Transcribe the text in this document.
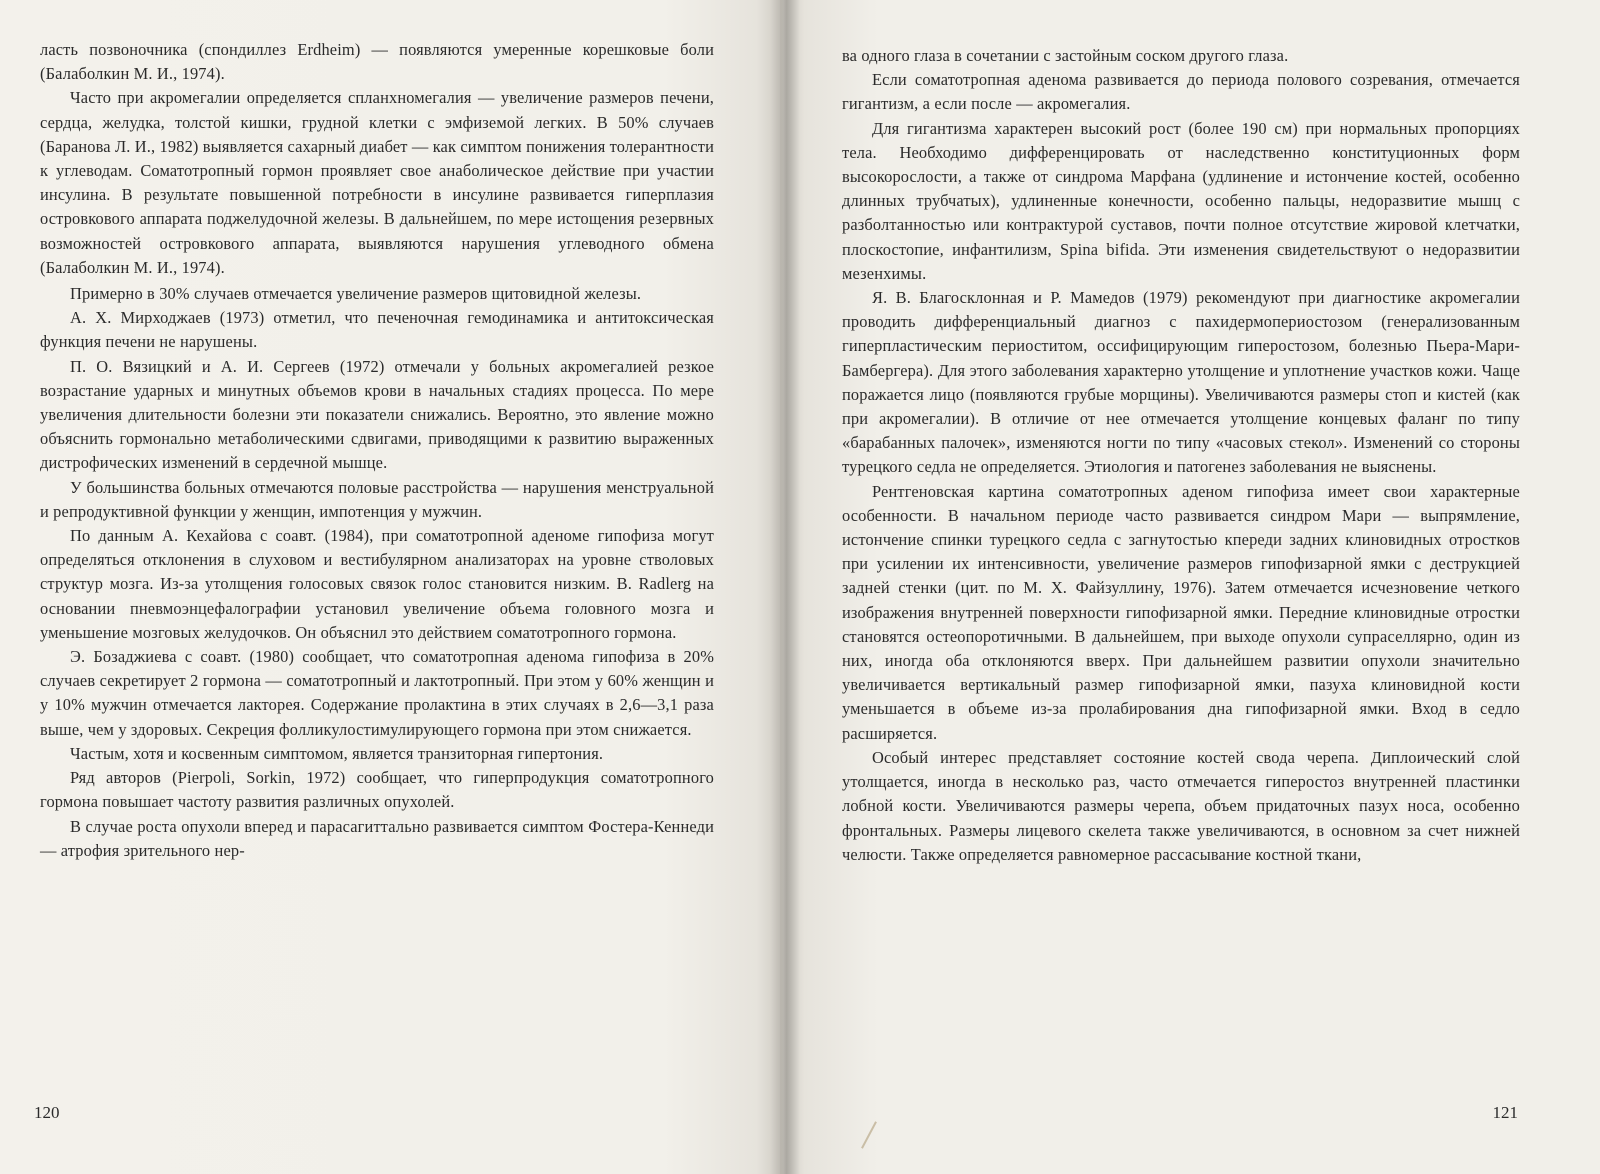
ласть позвоночника (спондиллез Erdheim) — появляются умеренные корешковые боли (Балаболкин М. И., 1974).

Часто при акромегалии определяется спланхномегалия — увеличение размеров печени, сердца, желудка, толстой кишки, грудной клетки с эмфиземой легких. В 50% случаев (Баранова Л. И., 1982) выявляется сахарный диабет — как симптом понижения толерантности к углеводам. Соматотропный гормон проявляет свое анаболическое действие при участии инсулина. В результате повышенной потребности в инсулине развивается гиперплазия островкового аппарата поджелудочной железы. В дальнейшем, по мере истощения резервных возможностей островкового аппарата, выявляются нарушения углеводного обмена (Балаболкин М. И., 1974).

Примерно в 30% случаев отмечается увеличение размеров щитовидной железы.

А. Х. Мирходжаев (1973) отметил, что печеночная гемодинамика и антитоксическая функция печени не нарушены.

П. О. Вязицкий и А. И. Сергеев (1972) отмечали у больных акромегалией резкое возрастание ударных и минутных объемов крови в начальных стадиях процесса. По мере увеличения длительности болезни эти показатели снижались. Вероятно, это явление можно объяснить гормонально метаболическими сдвигами, приводящими к развитию выраженных дистрофических изменений в сердечной мышце.

У большинства больных отмечаются половые расстройства — нарушения менструальной и репродуктивной функции у женщин, импотенция у мужчин.

По данным А. Кехайова с соавт. (1984), при соматотропной аденоме гипофиза могут определяться отклонения в слуховом и вестибулярном анализаторах на уровне стволовых структур мозга. Из-за утолщения голосовых связок голос становится низким. В. Radlerg на основании пневмоэнцефалографии установил увеличение объема головного мозга и уменьшение мозговых желудочков. Он объяснил это действием соматотропного гормона.

Э. Бозаджиева с соавт. (1980) сообщает, что соматотропная аденома гипофиза в 20% случаев секретирует 2 гормона — соматотропный и лактотропный. При этом у 60% женщин и у 10% мужчин отмечается лакторея. Содержание пролактина в этих случаях в 2,6—3,1 раза выше, чем у здоровых. Секреция фолликулостимулирующего гормона при этом снижается.

Частым, хотя и косвенным симптомом, является транзиторная гипертония.

Ряд авторов (Pierpoli, Sorkin, 1972) сообщает, что гиперпродукция соматотропного гормона повышает частоту развития различных опухолей.

В случае роста опухоли вперед и парасагиттально развивается симптом Фостера-Кеннеди — атрофия зрительного нер-

120

ва одного глаза в сочетании с застойным соском другого глаза.

Если соматотропная аденома развивается до периода полового созревания, отмечается гигантизм, а если после — акромегалия.

Для гигантизма характерен высокий рост (более 190 см) при нормальных пропорциях тела. Необходимо дифференцировать от наследственно конституционных форм высокорослости, а также от синдрома Марфана (удлинение и истончение костей, особенно длинных трубчатых), удлиненные конечности, особенно пальцы, недоразвитие мышц с разболтанностью или контрактурой суставов, почти полное отсутствие жировой клетчатки, плоскостопие, инфантилизм, Spina bifida. Эти изменения свидетельствуют о недоразвитии мезенхимы.

Я. В. Благосклонная и Р. Мамедов (1979) рекомендуют при диагностике акромегалии проводить дифференциальный диагноз с пахидермопериостозом (генерализованным гиперпластическим периоститом, оссифицирующим гиперостозом, болезнью Пьера-Мари-Бамбергера). Для этого заболевания характерно утолщение и уплотнение участков кожи. Чаще поражается лицо (появляются грубые морщины). Увеличиваются размеры стоп и кистей (как при акромегалии). В отличие от нее отмечается утолщение концевых фаланг по типу «барабанных палочек», изменяются ногти по типу «часовых стекол». Изменений со стороны турецкого седла не определяется. Этиология и патогенез заболевания не выяснены.

Рентгеновская картина соматотропных аденом гипофиза имеет свои характерные особенности. В начальном периоде часто развивается синдром Мари — выпрямление, истончение спинки турецкого седла с загнутостью кпереди задних клиновидных отростков при усилении их интенсивности, увеличение размеров гипофизарной ямки с деструкцией задней стенки (цит. по М. Х. Файзуллину, 1976). Затем отмечается исчезновение четкого изображения внутренней поверхности гипофизарной ямки. Передние клиновидные отростки становятся остеопоротичными. В дальнейшем, при выходе опухоли супраселлярно, один из них, иногда оба отклоняются вверх. При дальнейшем развитии опухоли значительно увеличивается вертикальный размер гипофизарной ямки, пазуха клиновидной кости уменьшается в объеме из-за пролабирования дна гипофизарной ямки. Вход в седло расширяется.

Особый интерес представляет состояние костей свода черепа. Диплоический слой утолщается, иногда в несколько раз, часто отмечается гиперостоз внутренней пластинки лобной кости. Увеличиваются размеры черепа, объем придаточных пазух носа, особенно фронтальных. Размеры лицевого скелета также увеличиваются, в основном за счет нижней челюсти. Также определяется равномерное рассасывание костной ткани,

121
